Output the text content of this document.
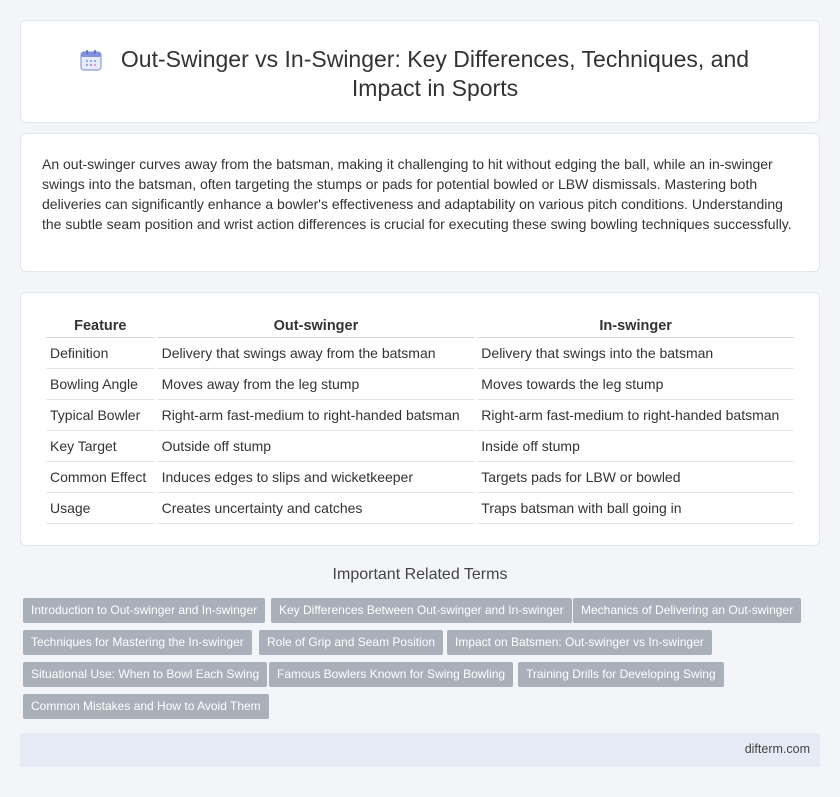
Out-Swinger vs In-Swinger: Key Differences, Techniques, and Impact in Sports

An out-swinger curves away from the batsman, making it challenging to hit without edging the ball, while an in-swinger swings into the batsman, often targeting the stumps or pads for potential bowled or LBW dismissals. Mastering both deliveries can significantly enhance a bowler's effectiveness and adaptability on various pitch conditions. Understanding the subtle seam position and wrist action differences is crucial for executing these swing bowling techniques successfully.

Feature	Out-swinger	In-swinger
Definition	Delivery that swings away from the batsman	Delivery that swings into the batsman
Bowling Angle	Moves away from the leg stump	Moves towards the leg stump
Typical Bowler	Right-arm fast-medium to right-handed batsman	Right-arm fast-medium to right-handed batsman
Key Target	Outside off stump	Inside off stump
Common Effect	Induces edges to slips and wicketkeeper	Targets pads for LBW or bowled
Usage	Creates uncertainty and catches	Traps batsman with ball going in
Important Related Terms
Introduction to Out-swinger and In-swinger	Key Differences Between Out-swinger and In-swinger	Mechanics of Delivering an Out-swinger
Techniques for Mastering the In-swinger	Role of Grip and Seam Position	Impact on Batsmen: Out-swinger vs In-swinger
Situational Use: When to Bowl Each Swing	Famous Bowlers Known for Swing Bowling	Training Drills for Developing Swing
Common Mistakes and How to Avoid Them
difterm.com
